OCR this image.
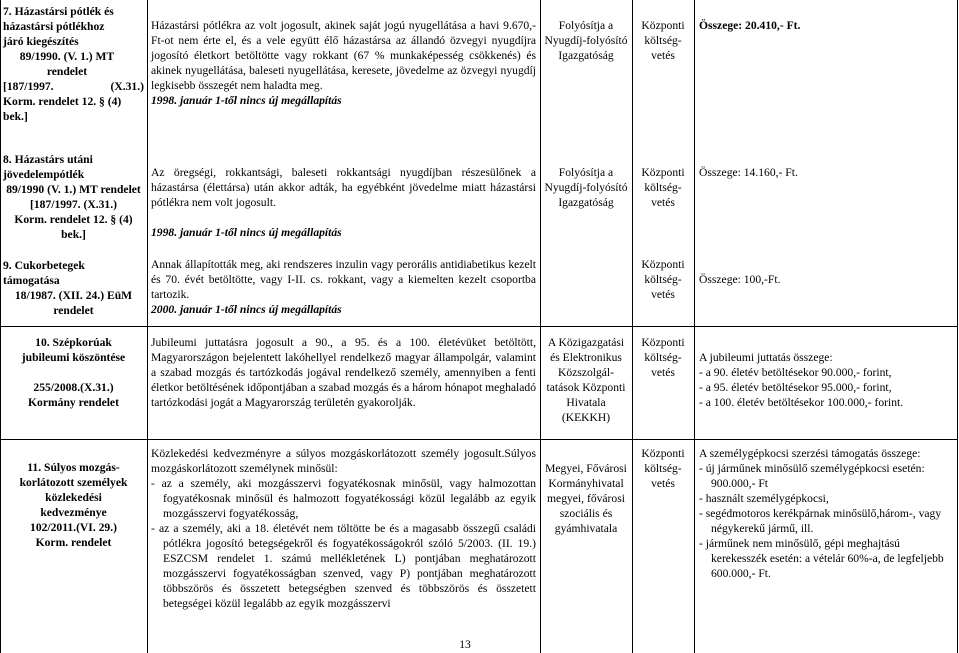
7. Házastársi pótlék és házastársi pótlékhoz járó kiegészítés
89/1990. (V. 1.) MT rendelet
[187/1997. (X.31.)
Korm. rendelet 12. § (4) bek.]
8. Házastárs utáni jövedelempótlék
89/1990 (V. 1.) MT rendelet
[187/1997. (X.31.)
Korm. rendelet 12. § (4) bek.]
9. Cukorbetegek támogatása
18/1987. (XII. 24.) EüM rendelet
Házastársi pótlékra az volt jogosult, akinek saját jogú nyugellátása a havi 9.670,- Ft-ot nem érte el, és a vele együtt élő házastársa az állandó özvegyi nyugdíjra jogosító életkort betöltötte vagy rokkant (67 % munkaképesség csökkenés) és akinek nyugellátása, baleseti nyugellátása, keresete, jövedelme az özvegyi nyugdíj legkisebb összegét nem haladta meg.
1998. január 1-től nincs új megállapítás
Folyósítja a Nyugdíj-folyósító Igazgatóság
Központi költség-vetés
Összege: 20.410,- Ft.
Az öregségi, rokkantsági, baleseti rokkantsági nyugdíjban részesülőnek a házastársa (élettársa) után akkor adták, ha egyébként jövedelme miatt házastársi pótlékra nem volt jogosult.
1998. január 1-től nincs új megállapítás
Folyósítja a Nyugdíj-folyósító Igazgatóság
Központi költség-vetés
Összege: 14.160,- Ft.
Annak állapították meg, aki rendszeres inzulin vagy perorális antidiabetikus kezelt és 70. évét betöltötte, vagy I-II. cs. rokkant, vagy a kiemelten kezelt csoportba tartozik.
2000. január 1-től nincs új megállapítás
Központi költség-vetés
Összege: 100,-Ft.
10. Szépkorúak jubileumi köszöntése
255/2008.(X.31.) Kormány rendelet
Jubileumi juttatásra jogosult a 90., a 95. és a 100. életévüket betöltött, Magyarországon bejelentett lakóhellyel rendelkező magyar állampolgár, valamint a szabad mozgás és tartózkodás jogával rendelkező személy, amennyiben a fenti életkor betöltésének időpontjában a szabad mozgás és a három hónapot meghaladó tartózkodási jogát a Magyarország területén gyakorolják.
A Közigazgatási és Elektronikus Közszolgál-tatások Központi Hivatala (KEKKH)
Központi költség-vetés
A jubileumi juttatás összege:
- a 90. életév betöltésekor 90.000,- forint,
- a 95. életév betöltésekor 95.000,- forint,
- a 100. életév betöltésekor 100.000,- forint.
11. Súlyos mozgás-korlátozott személyek közlekedési kedvezménye
102/2011.(VI. 29.) Korm. rendelet
Közlekedési kedvezményre a súlyos mozgáskorlátozott személy jogosult.Súlyos mozgáskorlátozott személynek minősül:
- az a személy, aki mozgásszervi fogyatékosnak minősül, vagy halmozottan fogyatékosnak minősül és halmozott fogyatékossági közül legalább az egyik mozgásszervi fogyatékosság,
- az a személy, aki a 18. életévét nem töltötte be és a magasabb összegű családi pótlékra jogosító betegségekről és fogyatékosságokról szóló 5/2003. (II. 19.) ESZCSM rendelet 1. számú mellékletének L) pontjában meghatározott mozgásszervi fogyatékosságban szenved, vagy P) pontjában meghatározott többszörös és összetett betegségben szenved és többszörös és összetett betegségei közül legalább az egyik mozgásszervi
Megyei, Fővárosi Kormányhivatal megyei, fővárosi szociális és gyámhivatala
Központi költség-vetés
A személygépkocsi szerzési támogatás összege:
- új járműnek minősülő személygépkocsi esetén: 900.000,- Ft
- használt személygépkocsi,
- segédmotoros kerékpárnak minősülő,három-, vagy négykerekű jármű, ill.
- járműnek nem minősülő, gépi meghajtású kerekesszék esetén: a vételár 60%-a, de legfeljebb 600.000,- Ft.
13
